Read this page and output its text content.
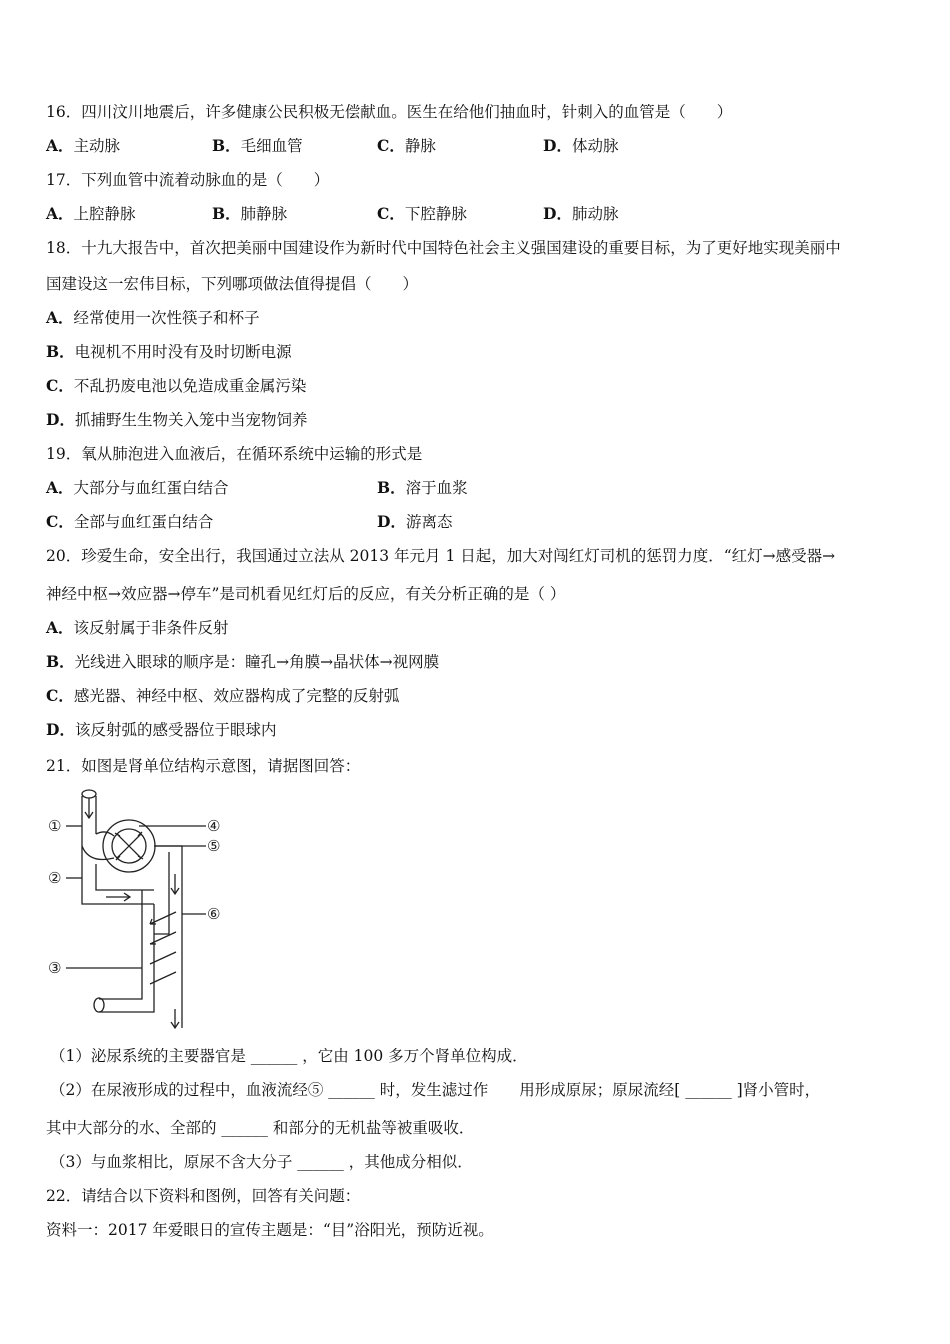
16．四川汶川地震后，许多健康公民积极无偿献血。医生在给他们抽血时，针刺入的血管是（　　）
A．主动脉	B．毛细血管	C．静脉	D．体动脉
17．下列血管中流着动脉血的是（　　）
A．上腔静脉	B．肺静脉	C．下腔静脉	D．肺动脉
18．十九大报告中，首次把美丽中国建设作为新时代中国特色社会主义强国建设的重要目标，为了更好地实现美丽中
国建设这一宏伟目标，下列哪项做法值得提倡（　　）
A．经常使用一次性筷子和杯子
B．电视机不用时没有及时切断电源
C．不乱扔废电池以免造成重金属污染
D．抓捕野生生物关入笼中当宠物饲养
19．氧从肺泡进入血液后，在循环系统中运输的形式是
A．大部分与血红蛋白结合	B．溶于血浆
C．全部与血红蛋白结合	D．游离态
20．珍爱生命，安全出行，我国通过立法从 2013 年元月 1 日起，加大对闯红灯司机的惩罚力度．“红灯→感受器→
神经中枢→效应器→停车”是司机看见红灯后的反应，有关分析正确的是（ ）
A．该反射属于非条件反射
B．光线进入眼球的顺序是：瞳孔→角膜→晶状体→视网膜
C．感光器、神经中枢、效应器构成了完整的反射弧
D．该反射弧的感受器位于眼球内
21．如图是肾单位结构示意图，请据图回答：
①
②
③
④
⑤
⑥
（1）泌尿系统的主要器官是 ______ ，它由 100 多万个肾单位构成．
（2）在尿液形成的过程中，血液流经⑤ ______ 时，发生滤过作　　用形成原尿；原尿流经[ ______ ]肾小管时，
其中大部分的水、全部的 ______ 和部分的无机盐等被重吸收．
（3）与血浆相比，原尿不含大分子 ______ ，其他成分相似．
22．请结合以下资料和图例，回答有关问题：
资料一：2017 年爱眼日的宣传主题是：“目”浴阳光，预防近视。
